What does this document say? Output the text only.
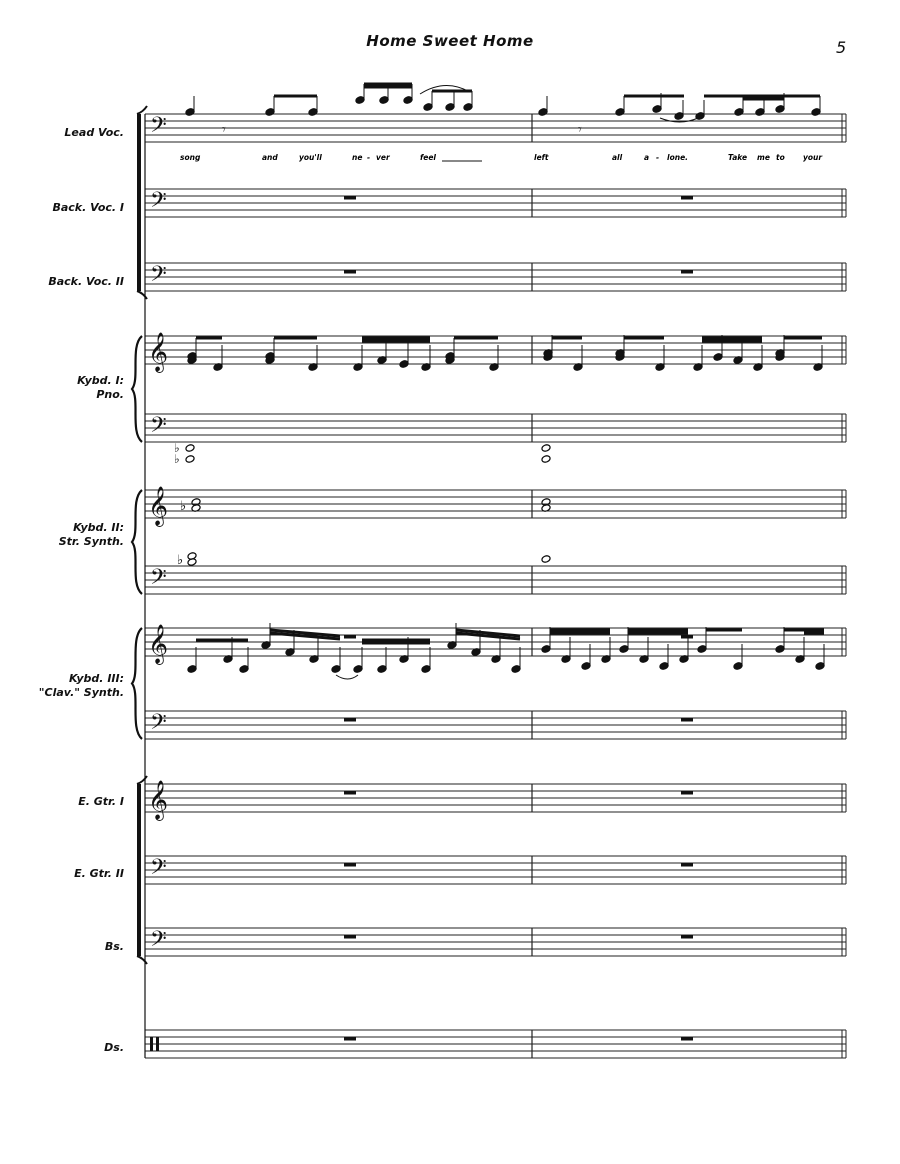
Home Sweet Home	5
Lead Voc.
Back. Voc. I
Back. Voc. II
Kybd. I:
Pno.
Kybd. II:
Str. Synth.
Kybd. III:
"Clav." Synth.
E. Gtr. I
E. Gtr. II
Bs.
Ds.
𝄢
𝄢
𝄢
𝄞
𝄢
𝄞
𝄢
𝄞
𝄢
𝄞
𝄢
𝄢
𝄾	𝄾
♭
♭
♭
♭
song	and	you'll	ne - ver	feel	left	all	a - lone.	Take me to your
